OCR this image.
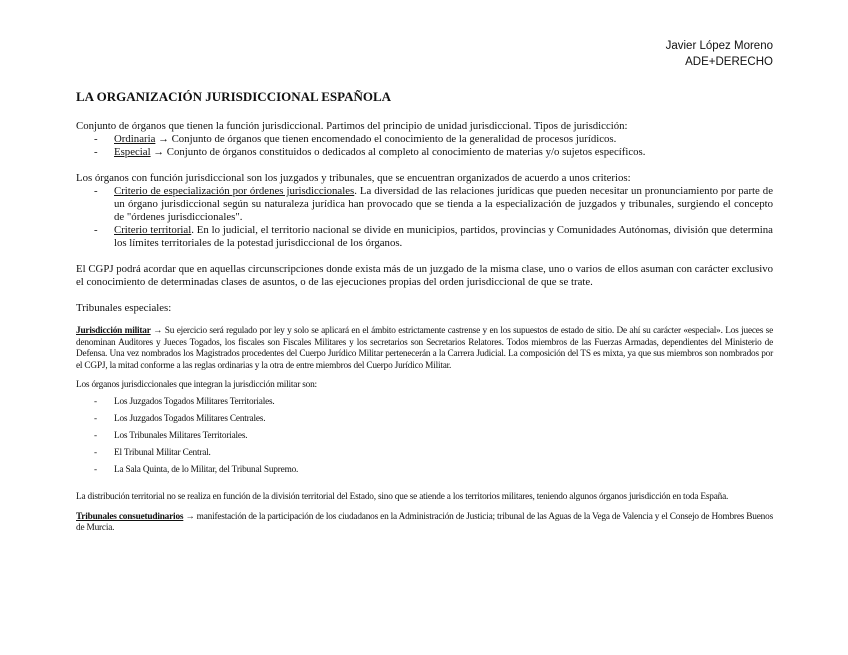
Javier López Moreno
ADE+DERECHO
LA ORGANIZACIÓN JURISDICCIONAL ESPAÑOLA

Conjunto de órganos que tienen la función jurisdiccional. Partimos del principio de unidad jurisdiccional. Tipos de jurisdicción:

- Ordinaria → Conjunto de órganos que tienen encomendado el conocimiento de la generalidad de procesos jurídicos.
- Especial → Conjunto de órganos constituidos o dedicados al completo al conocimiento de materias y/o sujetos específicos.

Los órganos con función jurisdiccional son los juzgados y tribunales, que se encuentran organizados de acuerdo a unos criterios:

- Criterio de especialización por órdenes jurisdiccionales. La diversidad de las relaciones jurídicas que pueden necesitar un pronunciamiento por parte de un órgano jurisdiccional según su naturaleza jurídica han provocado que se tienda a la especialización de juzgados y tribunales, surgiendo el concepto de "órdenes jurisdiccionales".
- Criterio territorial. En lo judicial, el territorio nacional se divide en municipios, partidos, provincias y Comunidades Autónomas, división que determina los límites territoriales de la potestad jurisdiccional de los órganos.

El CGPJ podrá acordar que en aquellas circunscripciones donde exista más de un juzgado de la misma clase, uno o varios de ellos asuman con carácter exclusivo el conocimiento de determinadas clases de asuntos, o de las ejecuciones propias del orden jurisdiccional de que se trate.

Tribunales especiales:

Jurisdicción militar → Su ejercicio será regulado por ley y solo se aplicará en el ámbito estrictamente castrense y en los supuestos de estado de sitio. De ahí su carácter «especial». Los jueces se denominan Auditores y Jueces Togados, los fiscales son Fiscales Militares y los secretarios son Secretarios Relatores. Todos miembros de las Fuerzas Armadas, dependientes del Ministerio de Defensa. Una vez nombrados los Magistrados procedentes del Cuerpo Jurídico Militar pertenecerán a la Carrera Judicial. La composición del TS es mixta, ya que sus miembros son nombrados por el CGPJ, la mitad conforme a las reglas ordinarias y la otra de entre miembros del Cuerpo Jurídico Militar.

Los órganos jurisdiccionales que integran la jurisdicción militar son:

- Los Juzgados Togados Militares Territoriales.
- Los Juzgados Togados Militares Centrales.
- Los Tribunales Militares Territoriales.
- El Tribunal Militar Central.
- La Sala Quinta, de lo Militar, del Tribunal Supremo.

La distribución territorial no se realiza en función de la división territorial del Estado, sino que se atiende a los territorios militares, teniendo algunos órganos jurisdicción en toda España.

Tribunales consuetudinarios → manifestación de la participación de los ciudadanos en la Administración de Justicia; tribunal de las Aguas de la Vega de Valencia y el Consejo de Hombres Buenos de Murcia.
